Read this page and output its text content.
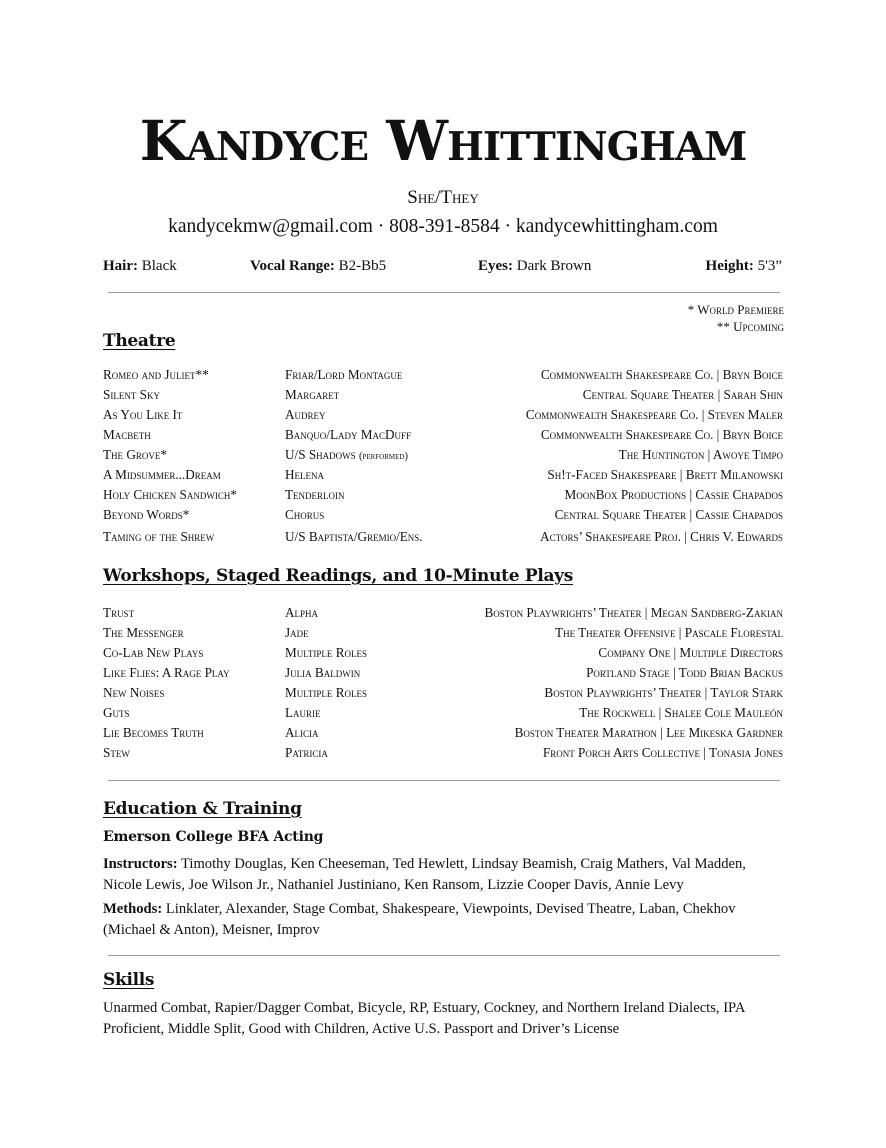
Kandyce Whittingham
She/They
kandycekmw@gmail.com · 808-391-8584 · kandycewhittingham.com
Hair: Black	Vocal Range: B2-Bb5	Eyes: Dark Brown	Height: 5'3”
* World Premiere
** Upcoming
Theatre
Romeo and Juliet**	Friar/Lord Montague	Commonwealth Shakespeare Co. | Bryn Boice
Silent Sky	Margaret	Central Square Theater | Sarah Shin
As You Like It	Audrey	Commonwealth Shakespeare Co. | Steven Maler
Macbeth	Banquo/Lady MacDuff	Commonwealth Shakespeare Co. | Bryn Boice
The Grove*	U/S Shadows (performed)	The Huntington | Awoye Timpo
A Midsummer...Dream	Helena	Sh!t-Faced Shakespeare | Brett Milanowski
Holy Chicken Sandwich*	Tenderloin	MoonBox Productions | Cassie Chapados
Beyond Words*	Chorus	Central Square Theater | Cassie Chapados
Taming of the Shrew	U/S Baptista/Gremio/Ens.	Actors’ Shakespeare Proj. | Chris V. Edwards
Workshops, Staged Readings, and 10-Minute Plays
Trust	Alpha	Boston Playwrights’ Theater | Megan Sandberg-Zakian
The Messenger	Jade	The Theater Offensive | Pascale Florestal
Co-Lab New Plays	Multiple Roles	Company One | Multiple Directors
Like Flies: A Rage Play	Julia Baldwin	Portland Stage | Todd Brian Backus
New Noises	Multiple Roles	Boston Playwrights’ Theater | Taylor Stark
Guts	Laurie	The Rockwell | Shalee Cole Mauleón
Lie Becomes Truth	Alicia	Boston Theater Marathon | Lee Mikeska Gardner
Stew	Patricia	Front Porch Arts Collective | Tonasia Jones
Education & Training
Emerson College BFA Acting
Instructors: Timothy Douglas, Ken Cheeseman, Ted Hewlett, Lindsay Beamish, Craig Mathers, Val Madden, Nicole Lewis, Joe Wilson Jr., Nathaniel Justiniano, Ken Ransom, Lizzie Cooper Davis, Annie Levy
Methods: Linklater, Alexander, Stage Combat, Shakespeare, Viewpoints, Devised Theatre, Laban, Chekhov (Michael & Anton), Meisner, Improv
Skills
Unarmed Combat, Rapier/Dagger Combat, Bicycle, RP, Estuary, Cockney, and Northern Ireland Dialects, IPA Proficient, Middle Split, Good with Children, Active U.S. Passport and Driver’s License
